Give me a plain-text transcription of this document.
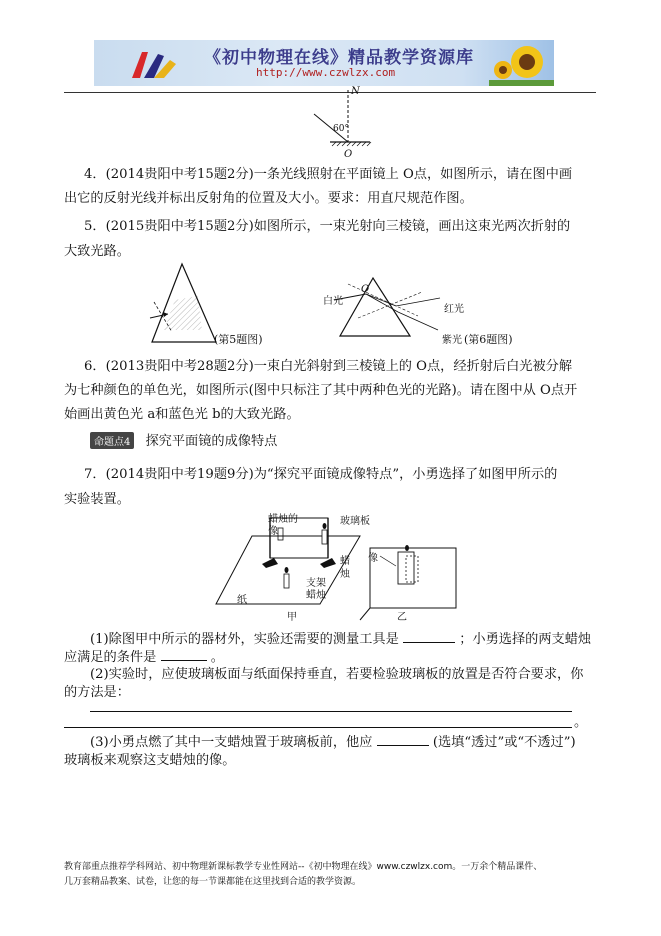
《初中物理在线》精品教学资源库
http://www.czwlzx.com
N
60°
O
4．(2014贵阳中考15题2分)一条光线照射在平面镜上 O点，如图所示，请在图中画
出它的反射光线并标出反射角的位置及大小。要求：用直尺规范作图。
5．(2015贵阳中考15题2分)如图所示，一束光射向三棱镜，画出这束光两次折射的
大致光路。
(第5题图)
白光
O
红光
紫光 (第6题图)
6．(2013贵阳中考28题2分)一束白光斜射到三棱镜上的 O点，经折射后白光被分解
为七种颜色的单色光，如图所示(图中只标注了其中两种色光的光路)。请在图中从 O点开
始画出黄色光 a和蓝色光 b的大致光路。
命题点4 探究平面镜的成像特点
7．(2014贵阳中考19题9分)为“探究平面镜成像特点”，小勇选择了如图甲所示的
实验装置。
蜡烛的像
玻璃板
蜡
烛
支架
蜡烛
纸
甲
像
乙
(1)除图甲中所示的器材外，实验还需要的测量工具是	；小勇选择的两支蜡烛
应满足的条件是	。
(2)实验时，应使玻璃板面与纸面保持垂直，若要检验玻璃板的放置是否符合要求，你
的方法是：
。
(3)小勇点燃了其中一支蜡烛置于玻璃板前，他应	(选填“透过”或“不透过”)
玻璃板来观察这支蜡烛的像。
教育部重点推荐学科网站、初中物理新课标教学专业性网站--《初中物理在线》www.czwlzx.com。一万余个精品课件、
几万套精品教案、试卷，让您的每一节课都能在这里找到合适的教学资源。
